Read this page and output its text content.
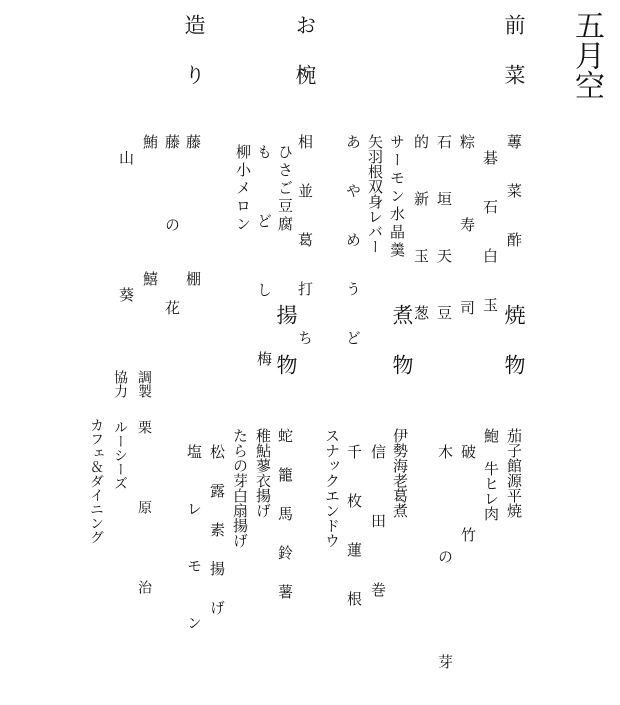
五月空
前菜
お椀
造り
焼物
煮物
揚物
蓴 菜 酢
碁 石 白 玉
粽 寿 司
石 垣 天 豆
的 新 玉 葱
サーモン水晶羹
矢羽根双身レバー
あ や め う ど
相 並 葛 打 ち
ひさご豆腐
も ど し 梅
柳小メロン
藤 棚
藤 の 花
鮪 鱚
山 葵
茄子館源平焼
鮑 牛ヒレ肉
破 竹
木 の 芽
伊勢海老葛煮
信 田 巻
千 枚 蓮 根
スナックエンドウ
蛇 籠 馬 鈴 薯
稚鮎蓼衣揚げ
たらの芽白扇揚げ
松 露 素 揚 げ
塩 レ モ ン
調製
栗 原 治
協力
ルーシーズ
カフェ＆ダイニング
